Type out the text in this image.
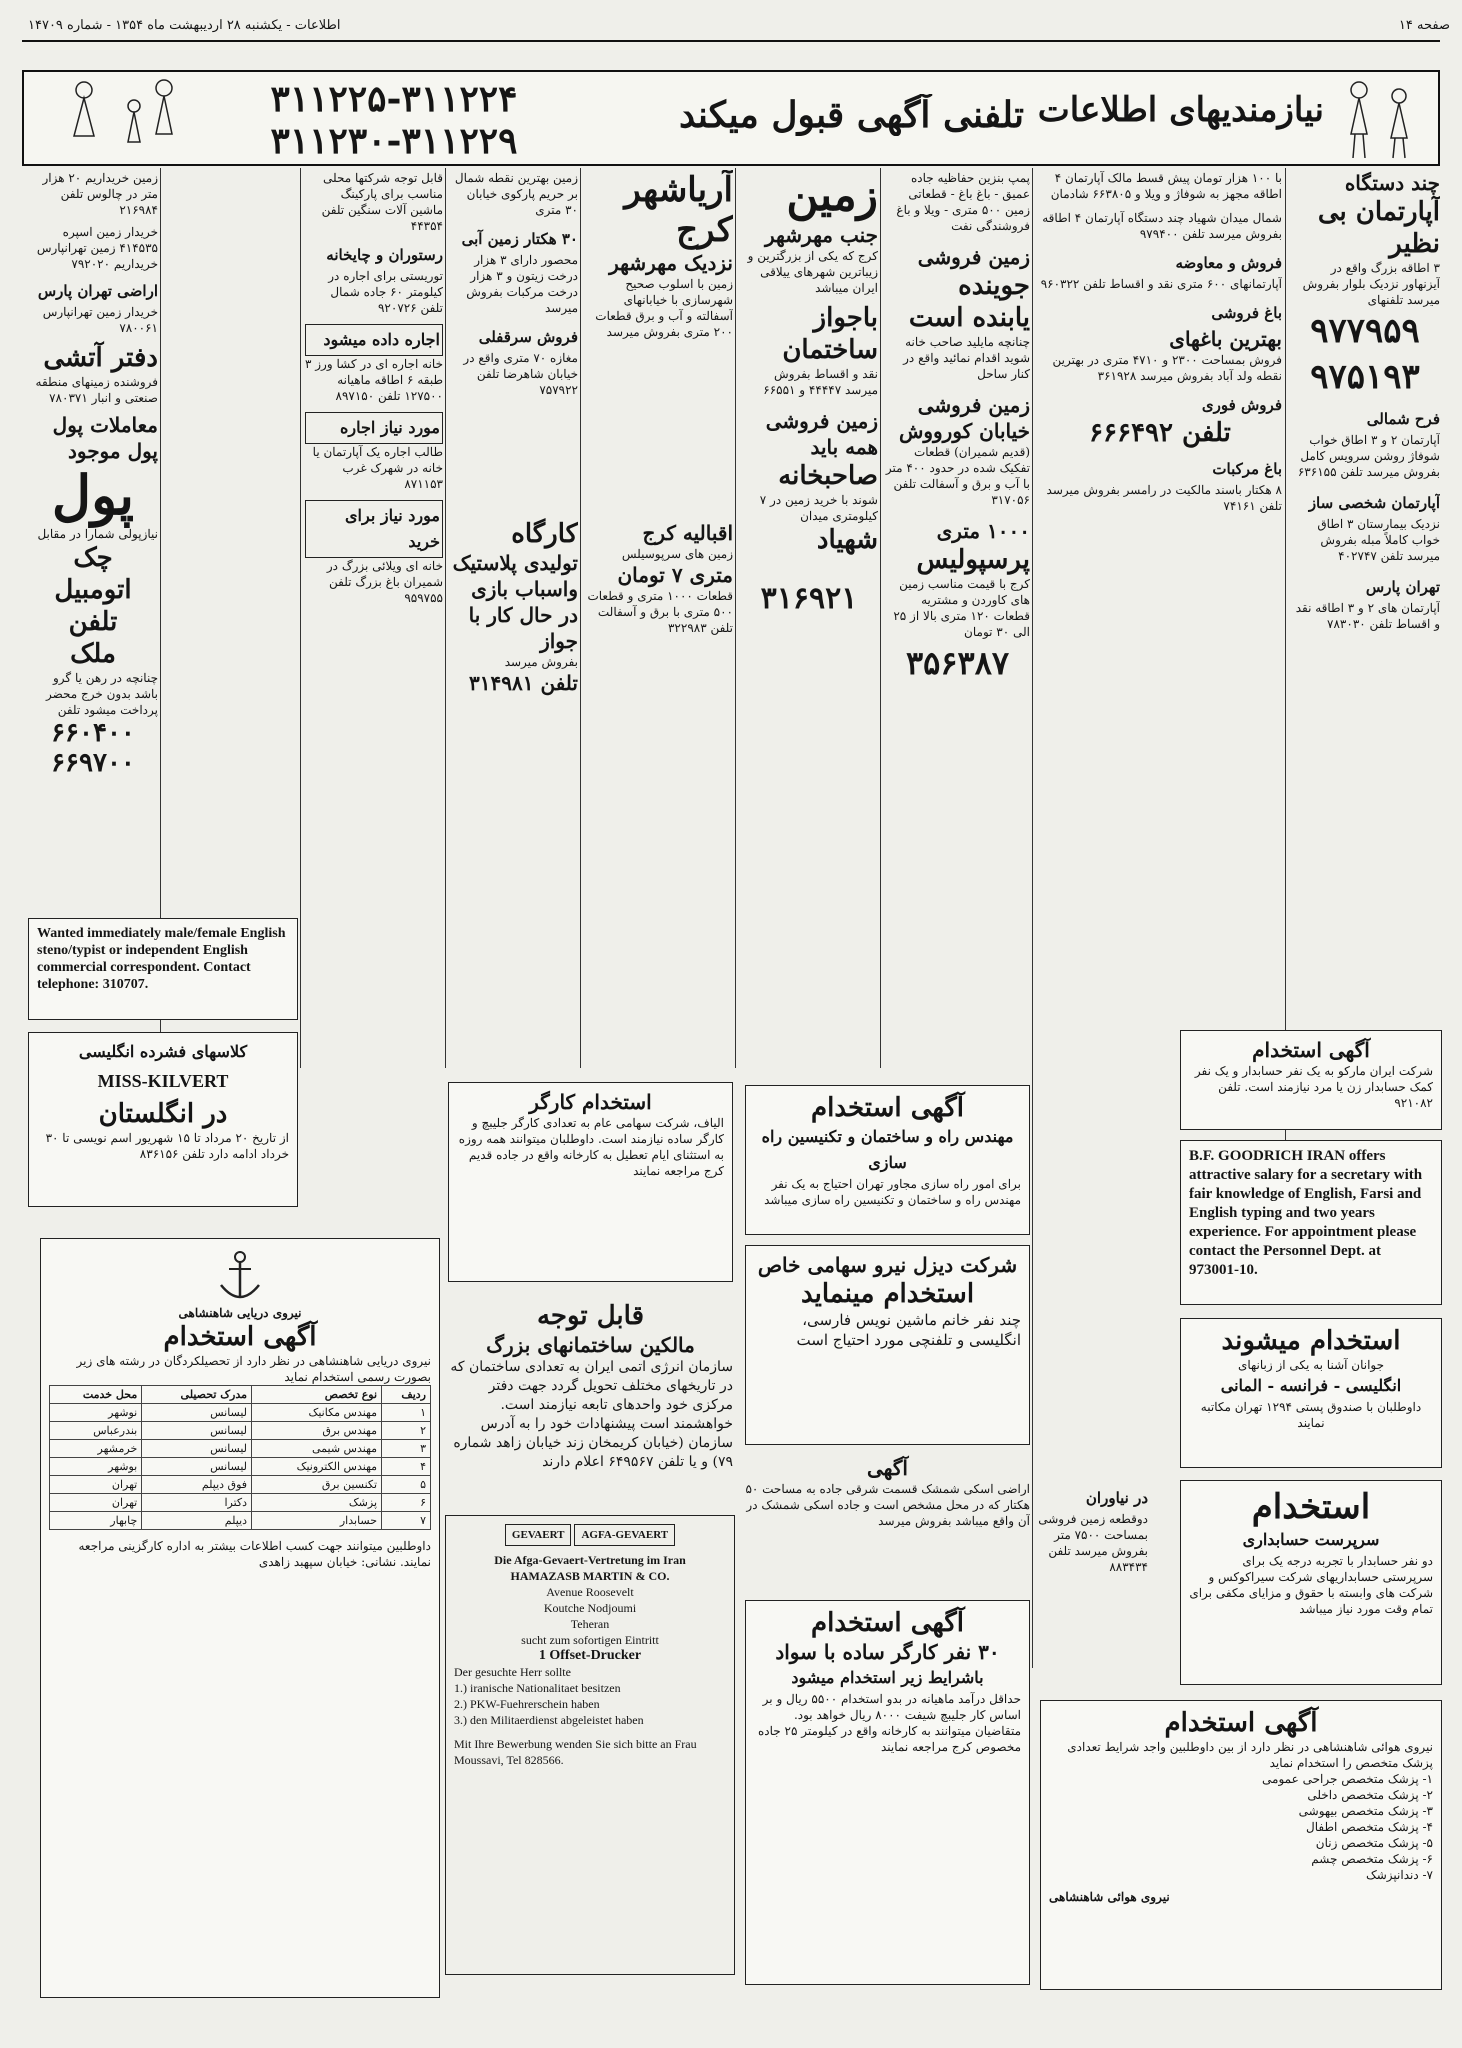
صفحه ۱۴
اطلاعات - یکشنبه ۲۸ اردیبهشت ماه ۱۳۵۴ - شماره ۱۴۷۰۹
نیازمندیهای اطلاعات
تلفنی آگهی قبول میکند
۳۱۱۲۲۵-۳۱۱۲۲۴
۳۱۱۲۳۰-۳۱۱۲۲۹
چند دستگاه
آپارتمان بی نظیر
۳ اطاقه بزرگ واقع در آیزنهاور نزدیک بلوار بفروش میرسد تلفنهای
۹۷۷۹۵۹
۹۷۵۱۹۳
فرح شمالی
آپارتمان ۲ و ۳ اطاق خواب شوفاژ روشن سرویس کامل بفروش میرسد تلفن ۶۳۶۱۵۵
آپارتمان شخصی ساز
نزدیک بیمارستان ۳ اطاق خواب کاملاً مبله بفروش میرسد تلفن ۴۰۲۷۴۷
تهران پارس
آپارتمان های ۲ و ۳ اطاقه نقد و اقساط تلفن ۷۸۳۰۳۰
با ۱۰۰ هزار تومان پیش قسط مالک آپارتمان ۴ اطاقه مجهز به شوفاژ و ویلا و ۶۶۳۸۰۵ شادمان
شمال میدان شهیاد چند دستگاه آپارتمان ۴ اطاقه بفروش میرسد تلفن ۹۷۹۴۰۰
فروش و معاوضه
آپارتمانهای ۶۰۰ متری نقد و اقساط تلفن ۹۶۰۳۲۲
باغ فروشی
بهترین باغهای
فروش بمساحت ۲۳۰۰ و ۴۷۱۰ متری در بهترین نقطه ولد آباد بفروش میرسد ۳۶۱۹۲۸
فروش فوری
تلفن ۶۶۶۴۹۲
باغ مرکبات
۸ هکتار باسند مالکیت در رامسر بفروش میرسد تلفن ۷۴۱۶۱
پمپ بنزین حفاظیه جاده عمیق - باغ باغ - قطعاتی زمین ۵۰۰ متری - ویلا و باغ فروشندگی نفت
زمین فروشی
جوینده
یابنده است
چنانچه مایلید صاحب خانه شوید اقدام نمائید واقع در کنار ساحل
زمین فروشی
خیابان کورووش
(قدیم شمیران) قطعات تفکیک شده در حدود ۴۰۰ متر با آب و برق و آسفالت تلفن ۳۱۷۰۵۶
۱۰۰۰ متری
پرسپولیس
کرج با قیمت مناسب زمین های کاوردن و مشتریه قطعات ۱۲۰ متری بالا از ۲۵ الی ۳۰ تومان
۳۵۶۳۸۷
زمین
جنب مهرشهر
کرج که یکی از بزرگترین و زیباترین شهرهای ییلاقی ایران میباشد
باجواز ساختمان
نقد و اقساط بفروش میرسد ۴۴۴۴۷ و ۶۶۵۵۱
زمین فروشی همه باید
صاحبخانه
شوند با خرید زمین در ۷ کیلومتری میدان
شهیاد
۳۱۶۹۲۱
آریاشهر
کرج
نزدیک مهرشهر
زمین با اسلوب صحیح شهرسازی با خیابانهای آسفالته و آب و برق قطعات ۲۰۰ متری بفروش میرسد
اقبالیه کرج
زمین های سرپوسیلس
متری ۷ تومان
قطعات ۱۰۰۰ متری و قطعات ۵۰۰ متری با برق و آسفالت تلفن ۳۲۲۹۸۳
زمین بهترین نقطه شمال بر حریم پارکوی خیابان ۳۰ متری
۳۰ هکتار زمین آبی
محصور دارای ۳ هزار درخت زیتون و ۳ هزار درخت مرکبات بفروش میرسد
فروش سرقفلی
مغازه ۷۰ متری واقع در خیابان شاهرضا تلفن ۷۵۷۹۲۲
کارگاه
تولیدی پلاستیک واسباب بازی در حال کار با جواز
بفروش میرسد
تلفن ۳۱۴۹۸۱
قابل توجه شرکتها محلی مناسب برای پارکینگ ماشین آلات سنگین تلفن ۴۴۳۵۴
رستوران و چایخانه
توریستی برای اجاره در کیلومتر ۶۰ جاده شمال تلفن ۹۲۰۷۲۶
اجاره داده میشود
خانه اجاره ای در کشا ورز ۳ طبقه ۶ اطاقه ماهیانه ۱۲۷۵۰۰ تلفن ۸۹۷۱۵۰
مورد نیاز اجاره
طالب اجاره یک آپارتمان یا خانه در شهرک غرب ۸۷۱۱۵۳
مورد نیاز برای خرید
خانه ای ویلائی بزرگ در شمیران باغ بزرگ تلفن ۹۵۹۷۵۵
زمین خریداریم ۲۰ هزار متر در چالوس تلفن ۲۱۶۹۸۴
خریدار زمین اسپره ۴۱۴۵۳۵ زمین تهرانپارس خریداریم ۷۹۲۰۲۰
اراضی تهران پارس
خریدار زمین تهرانپارس ۷۸۰۰۶۱
دفتر آتشی
فروشنده زمینهای منطقه صنعتی و انبار ۷۸۰۳۷۱
معاملات پول
پول موجود
پول
نیازپولی شمارا در مقابل
چک
اتومبیل
تلفن
ملک
چنانچه در رهن یا گرو باشد بدون خرج محضر پرداخت میشود تلفن
۶۶۰۴۰۰
۶۶۹۷۰۰
Wanted immediately male/female English steno/typist or independent English commercial correspondent. Contact telephone: 310707.
کلاسهای فشرده انگلیسی
MISS-KILVERT
در انگلستان
از تاریخ ۲۰ مرداد تا ۱۵ شهریور اسم نویسی تا ۳۰ خرداد ادامه دارد تلفن ۸۳۶۱۵۶
نیروی دریایی شاهنشاهی
آگهی استخدام
نیروی دریایی شاهنشاهی در نظر دارد از تحصیلکردگان در رشته های زیر بصورت رسمی استخدام نماید
ردیف	نوع تخصص	مدرک تحصیلی	محل خدمت
۱	مهندس مکانیک	لیسانس	نوشهر
۲	مهندس برق	لیسانس	بندرعباس
۳	مهندس شیمی	لیسانس	خرمشهر
۴	مهندس الکترونیک	لیسانس	بوشهر
۵	تکنسین برق	فوق دیپلم	تهران
۶	پزشک	دکترا	تهران
۷	حسابدار	دیپلم	چابهار
داوطلبین میتوانند جهت کسب اطلاعات بیشتر به اداره کارگزینی مراجعه نمایند. نشانی: خیابان سپهبد زاهدی
GEVAERT AGFA-GEVAERT
Die Afga-Gevaert-Vertretung im Iran
HAMAZASB MARTIN & CO.
Avenue Roosevelt
Koutche Nodjoumi
Teheran
sucht zum sofortigen Eintritt
1 Offset-Drucker
Der gesuchte Herr sollte
1.) iranische Nationalitaet besitzen
2.) PKW-Fuehrerschein haben
3.) den Militaerdienst abgeleistet haben
Mit Ihre Bewerbung wenden Sie sich bitte an Frau Moussavi, Tel 828566.
استخدام کارگر
الیاف، شرکت سهامی عام به تعدادی کارگر جلیبچ و کارگر ساده نیازمند است. داوطلبان میتوانند همه روزه به استثنای ایام تعطیل به کارخانه واقع در جاده قدیم کرج مراجعه نمایند
قابل توجه
مالکین ساختمانهای بزرگ
سازمان انرژی اتمی ایران به تعدادی ساختمان که در تاریخهای مختلف تحویل گردد جهت دفتر مرکزی خود واحدهای تابعه نیازمند است. خواهشمند است پیشنهادات خود را به آدرس سازمان (خیابان کریمخان زند خیابان زاهد شماره ۷۹) و یا تلفن ۶۴۹۵۶۷ اعلام دارند
آگهی استخدام
مهندس راه و ساختمان و تکنیسین راه سازی
برای امور راه سازی مجاور تهران احتیاج به یک نفر مهندس راه و ساختمان و تکنیسین راه سازی میباشد
شرکت دیزل نیرو سهامی خاص
استخدام مینماید
چند نفر خانم ماشین نویس فارسی، انگلیسی و تلفنچی مورد احتیاج است
آگهی
اراضی اسکی شمشک قسمت شرقی جاده به مساحت ۵۰ هکتار که در محل مشخص است و جاده اسکی شمشک در آن واقع میباشد بفروش میرسد
آگهی استخدام
۳۰ نفر کارگر ساده با سواد
باشرایط زیر استخدام میشود
حداقل درآمد ماهیانه در بدو استخدام ۵۵۰۰ ریال و بر اساس کار جلیبچ شیفت ۸۰۰۰ ریال خواهد بود. متقاضیان میتوانند به کارخانه واقع در کیلومتر ۲۵ جاده مخصوص کرج مراجعه نمایند
در نیاوران
دوقطعه زمین فروشی بمساحت ۷۵۰۰ متر بفروش میرسد تلفن ۸۸۳۴۳۴
آگهی استخدام
شرکت ایران مارکو به یک نفر حسابدار و یک نفر کمک حسابدار زن یا مرد نیازمند است. تلفن ۹۲۱۰۸۲
B.F. GOODRICH IRAN offers attractive salary for a secretary with fair knowledge of English, Farsi and English typing and two years experience. For appointment please contact the Personnel Dept. at 973001-10.
استخدام میشوند
جوانان آشنا به یکی از زبانهای
انگلیسی - فرانسه - المانی
داوطلبان با صندوق پستی ۱۲۹۴ تهران مکاتبه نمایند
استخدام
سرپرست حسابداری
دو نفر حسابدار با تجربه درجه یک برای سرپرستی حسابداریهای شرکت سیراکوکس و شرکت های وابسته با حقوق و مزایای مکفی برای تمام وقت مورد نیاز میباشد
آگهی استخدام
نیروی هوائی شاهنشاهی در نظر دارد از بین داوطلبین واجد شرایط تعدادی پزشک متخصص را استخدام نماید
۱- پزشک متخصص جراحی عمومی
۲- پزشک متخصص داخلی
۳- پزشک متخصص بیهوشی
۴- پزشک متخصص اطفال
۵- پزشک متخصص زنان
۶- پزشک متخصص چشم
۷- دندانپزشک
نیروی هوائی شاهنشاهی
